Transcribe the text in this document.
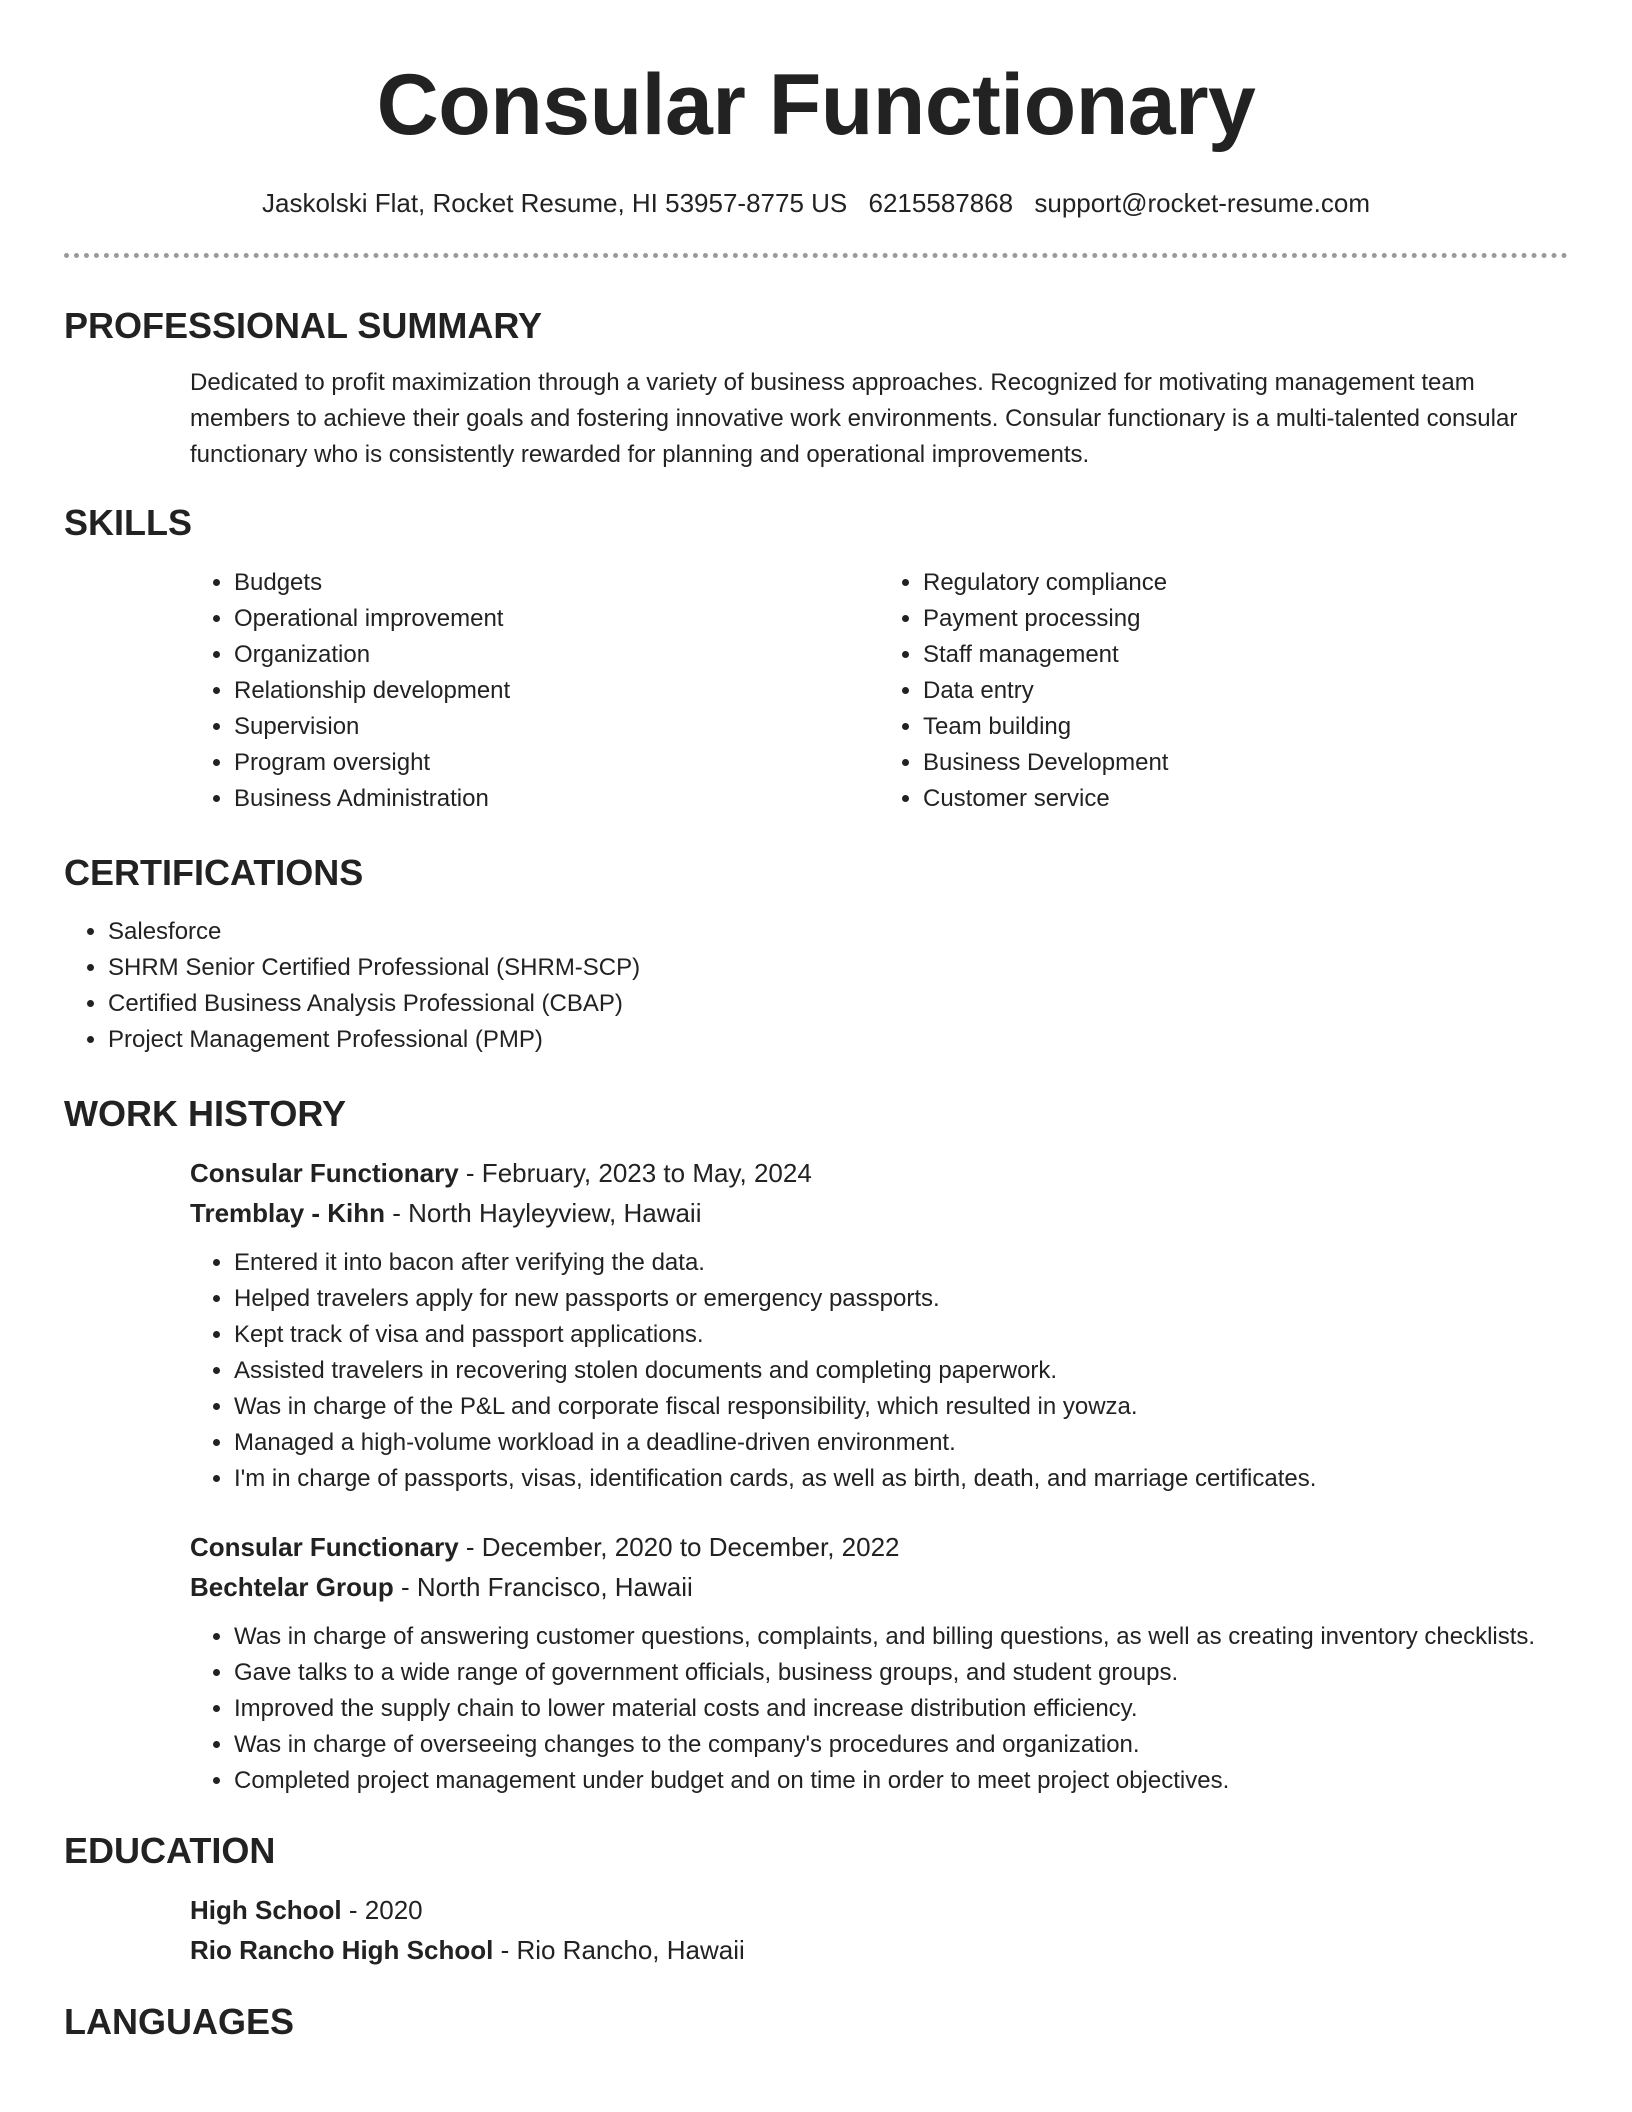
Consular Functionary
Jaskolski Flat, Rocket Resume, HI 53957-8775 US 6215587868 support@rocket-resume.com
PROFESSIONAL SUMMARY

Dedicated to profit maximization through a variety of business approaches. Recognized for motivating management team members to achieve their goals and fostering innovative work environments. Consular functionary is a multi-talented consular functionary who is consistently rewarded for planning and operational improvements.

SKILLS
• Budgets
• Operational improvement
• Organization
• Relationship development
• Supervision
• Program oversight
• Business Administration
• Regulatory compliance
• Payment processing
• Staff management
• Data entry
• Team building
• Business Development
• Customer service
CERTIFICATIONS
• Salesforce
• SHRM Senior Certified Professional (SHRM-SCP)
• Certified Business Analysis Professional (CBAP)
• Project Management Professional (PMP)
WORK HISTORY
Consular Functionary - February, 2023 to May, 2024
Tremblay - Kihn - North Hayleyview, Hawaii
• Entered it into bacon after verifying the data.
• Helped travelers apply for new passports or emergency passports.
• Kept track of visa and passport applications.
• Assisted travelers in recovering stolen documents and completing paperwork.
• Was in charge of the P&L and corporate fiscal responsibility, which resulted in yowza.
• Managed a high-volume workload in a deadline-driven environment.
• I'm in charge of passports, visas, identification cards, as well as birth, death, and marriage certificates.
Consular Functionary - December, 2020 to December, 2022
Bechtelar Group - North Francisco, Hawaii
• Was in charge of answering customer questions, complaints, and billing questions, as well as creating inventory checklists.
• Gave talks to a wide range of government officials, business groups, and student groups.
• Improved the supply chain to lower material costs and increase distribution efficiency.
• Was in charge of overseeing changes to the company's procedures and organization.
• Completed project management under budget and on time in order to meet project objectives.
EDUCATION
High School - 2020
Rio Rancho High School - Rio Rancho, Hawaii
LANGUAGES
